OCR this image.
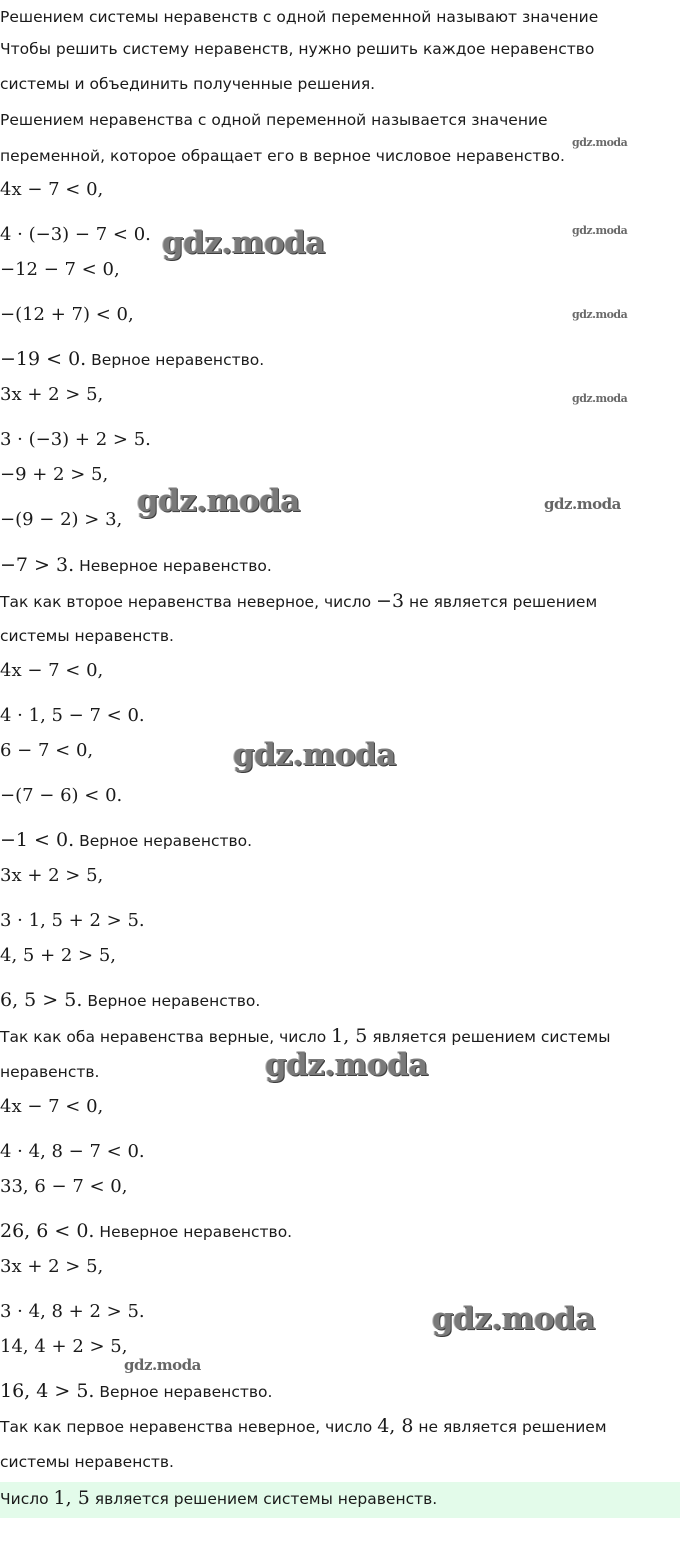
Решением системы неравенств с одной переменной называют значение
Чтобы решить систему неравенств, нужно решить каждое неравенство
системы и объединить полученные решения.
Решением неравенства с одной переменной называется значение
переменной, которое обращает его в верное числовое неравенство.
4x − 7 < 0,
4 · (−3) − 7 < 0.
−12 − 7 < 0,
−(12 + 7) < 0,
−19 < 0. Верное неравенство.
3x + 2 > 5,
3 · (−3) + 2 > 5.
−9 + 2 > 5,
−(9 − 2) > 3,
−7 > 3. Неверное неравенство.
Так как второе неравенства неверное, число −3 не является решением
системы неравенств.
4x − 7 < 0,
4 · 1, 5 − 7 < 0.
6 − 7 < 0,
−(7 − 6) < 0.
−1 < 0. Верное неравенство.
3x + 2 > 5,
3 · 1, 5 + 2 > 5.
4, 5 + 2 > 5,
6, 5 > 5. Верное неравенство.
Так как оба неравенства верные, число 1, 5 является решением системы
неравенств.
4x − 7 < 0,
4 · 4, 8 − 7 < 0.
33, 6 − 7 < 0,
26, 6 < 0. Неверное неравенство.
3x + 2 > 5,
3 · 4, 8 + 2 > 5.
14, 4 + 2 > 5,
16, 4 > 5. Верное неравенство.
Так как первое неравенства неверное, число 4, 8 не является решением
системы неравенств.
Число 1, 5 является решением системы неравенств.
gdz.moda
gdz.moda	gdz.moda
gdz.moda
gdz.moda
gdz.moda	gdz.moda
gdz.moda
gdz.moda
gdz.moda
gdz.moda
